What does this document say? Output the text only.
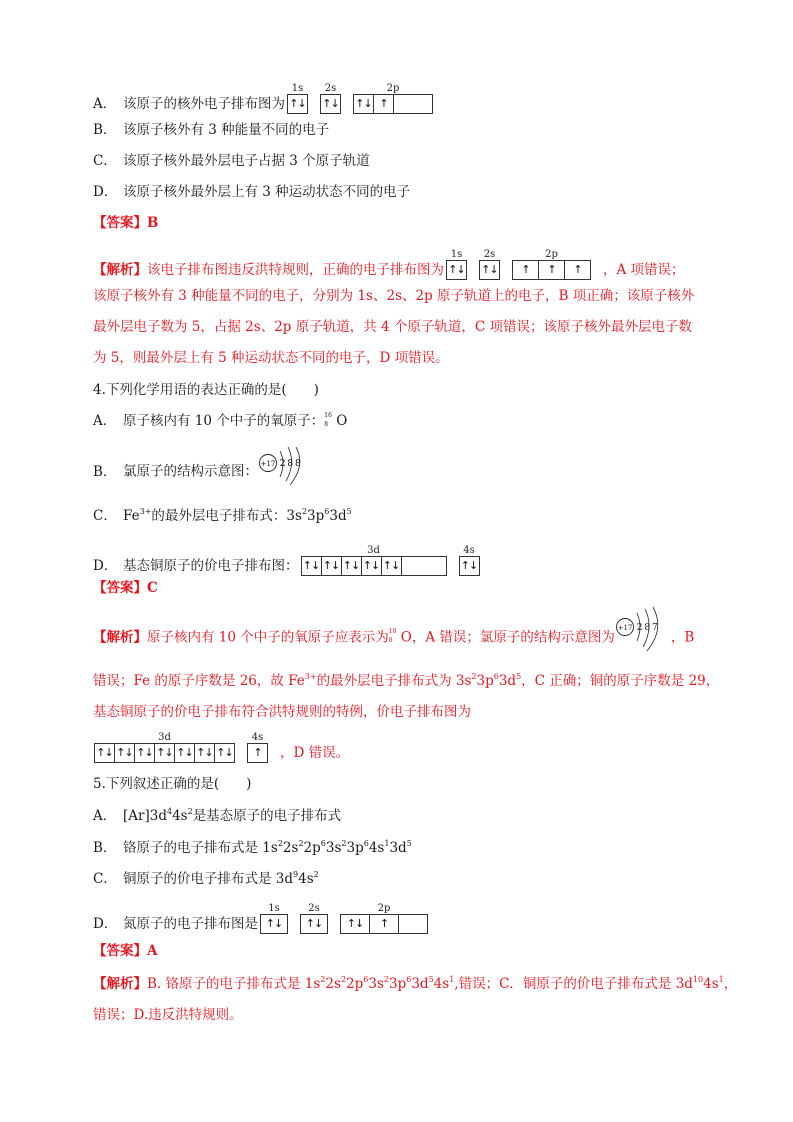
A． 该原子的核外电子排布图为
1s
↑↓
2s
↑↓
2p
↑↓ ↑
B． 该原子核外有 3 种能量不同的电子
C． 该原子核外最外层电子占据 3 个原子轨道
D． 该原子核外最外层上有 3 种运动状态不同的电子
【答案】B
【解析】该电子排布图违反洪特规则，正确的电子排布图为
1s
↑↓
2s
↑↓
2p
↑	↑	↑	，A 项错误；
该原子核外有 3 种能量不同的电子，分别为 1s、2s、2p 原子轨道上的电子，B 项正确；该原子核外
最外层电子数为 5，占据 2s、2p 原子轨道，共 4 个原子轨道，C 项错误；该原子核外最外层电子数
为 5，则最外层上有 5 种运动状态不同的电子，D 项错误。
4.下列化学用语的表达正确的是(　　)
A． 原子核内有 10 个中子的氧原子： 16
8 O
B． 氯原子的结构示意图： +17 2 8 8
C． $Fe^{3+}$的最外层电子排布式：$3s^23p^63d^5$
D． 基态铜原子的价电子排布图：
3d
↑↓ ↑↓ ↑↓ ↑↓ ↑↓
4s
↑↓
【答案】C
【解析】原子核内有 10 个中子的氧原子应表示为 18
8 O，A 错误；氯原子的结构示意图为
+17 2 8 7
，B
错误；Fe 的原子序数是 26，故 $Fe^{3+}$的最外层电子排布式为 $3s^23p^63d^5$，C 正确；铜的原子序数是 29，
基态铜原子的价电子排布符合洪特规则的特例，价电子排布图为
3d
↑↓ ↑↓ ↑↓ ↑↓ ↑↓ ↑↓ ↑↓
4s
↑	，D 错误。
5.下列叙述正确的是(　　)
A． $[Ar]3d^44s^2$是基态原子的电子排布式
B． 铬原子的电子排布式是 $1s^22s^22p^63s^23p^64s^13d^5$
C． 铜原子的价电子排布式是 $3d^94s^2$
D． 氮原子的电子排布图是
1s
↑↓
2s
↑↓
2p
↑↓	↑
【答案】A
【解析】B. 铬原子的电子排布式是 $1s^22s^22p^63s^23p^63d^54s^1$,错误；C．铜原子的价电子排布式是 $3d^{10}4s^1$，
错误；D.违反洪特规则。
